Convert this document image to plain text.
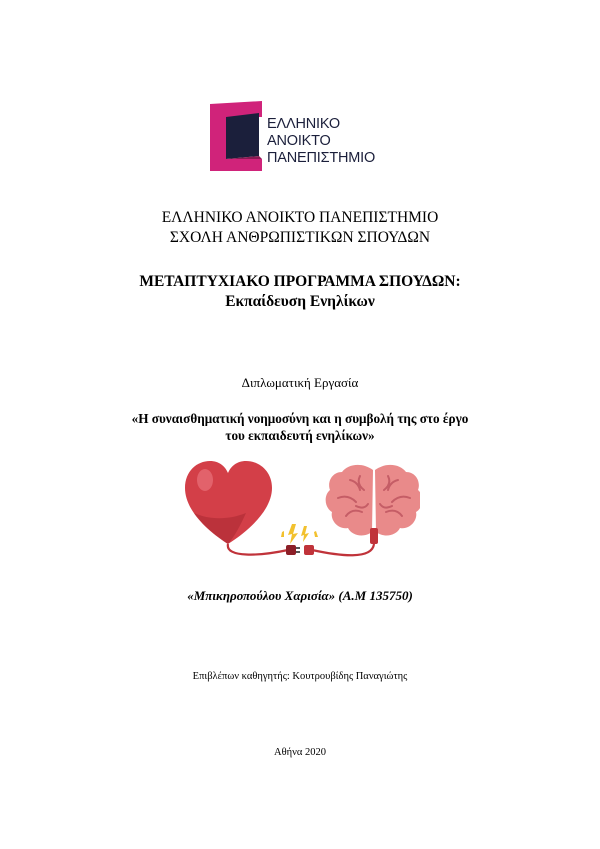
ΕΛΛΗΝΙΚΟ
ΑΝΟΙΚΤΟ
ΠΑΝΕΠΙΣΤΗΜΙΟ
ΕΛΛΗΝΙΚΟ ΑΝΟΙΚΤΟ ΠΑΝΕΠΙΣΤΗΜΙΟ
ΣΧΟΛΗ ΑΝΘΡΩΠΙΣΤΙΚΩΝ ΣΠΟΥΔΩΝ
ΜΕΤΑΠΤΥΧΙΑΚΟ ΠΡΟΓΡΑΜΜΑ ΣΠΟΥΔΩΝ:
Εκπαίδευση Ενηλίκων
Διπλωματική Εργασία
«Η συναισθηματική νοημοσύνη και η συμβολή της στο έργο
του εκπαιδευτή ενηλίκων»
«Μπικηροπούλου Χαρισία» (Α.Μ 135750)
Επιβλέπων καθηγητής: Κουτρουβίδης Παναγιώτης
Αθήνα 2020
